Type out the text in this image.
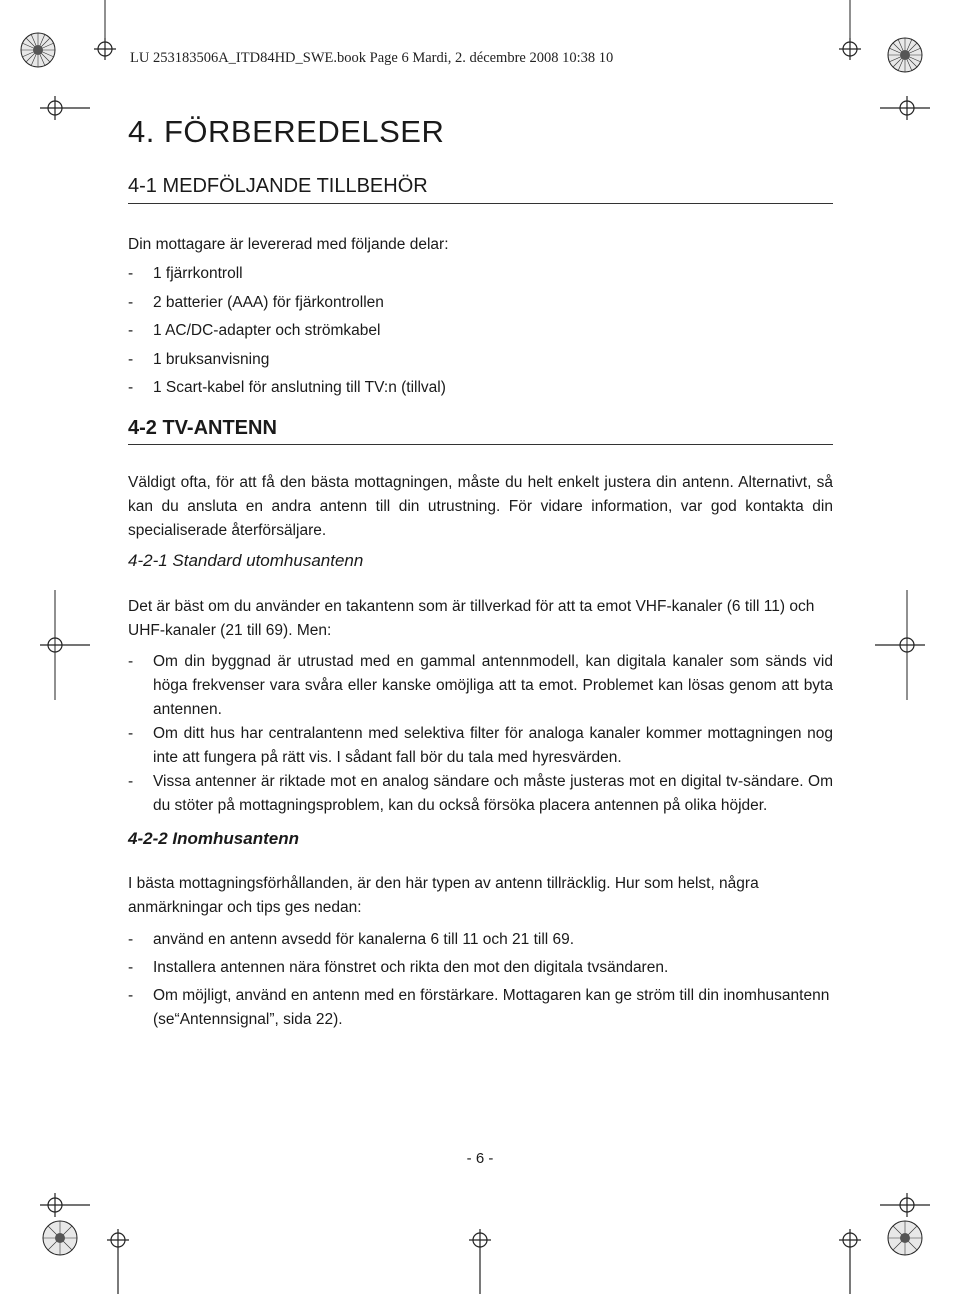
LU 253183506A_ITD84HD_SWE.book Page 6 Mardi, 2. décembre 2008 10:38 10
4. FÖRBEREDELSER
4-1 MEDFÖLJANDE TILLBEHÖR
Din mottagare är levererad med följande delar:
- 1 fjärrkontroll
- 2 batterier (AAA) för fjärkontrollen
- 1 AC/DC-adapter och strömkabel
- 1 bruksanvisning
- 1 Scart-kabel för anslutning till TV:n (tillval)
4-2 TV-ANTENN
Väldigt ofta, för att få den bästa mottagningen, måste du helt enkelt justera din antenn. Alternativt, så kan du ansluta en andra antenn till din utrustning. För vidare information, var god kontakta din specialiserade återförsäljare.
4-2-1 Standard utomhusantenn
Det är bäst om du använder en takantenn som är tillverkad för att ta emot VHF-kanaler (6 till 11) och UHF-kanaler (21 till 69). Men:
- Om din byggnad är utrustad med en gammal antennmodell, kan digitala kanaler som sänds vid höga frekvenser vara svåra eller kanske omöjliga att ta emot. Problemet kan lösas genom att byta antennen.
- Om ditt hus har centralantenn med selektiva filter för analoga kanaler kommer mottagningen nog inte att fungera på rätt vis. I sådant fall bör du tala med hyresvärden.
- Vissa antenner är riktade mot en analog sändare och måste justeras mot en digital tv-sändare. Om du stöter på mottagningsproblem, kan du också försöka placera antennen på olika höjder.
4-2-2 Inomhusantenn
I bästa mottagningsförhållanden, är den här typen av antenn tillräcklig. Hur som helst, några anmärkningar och tips ges nedan:
- använd en antenn avsedd för kanalerna 6 till 11 och 21 till 69.
- Installera antennen nära fönstret och rikta den mot den digitala tvsändaren.
- Om möjligt, använd en antenn med en förstärkare. Mottagaren kan ge ström till din inomhusantenn (se“Antennsignal”, sida 22).
- 6 -
